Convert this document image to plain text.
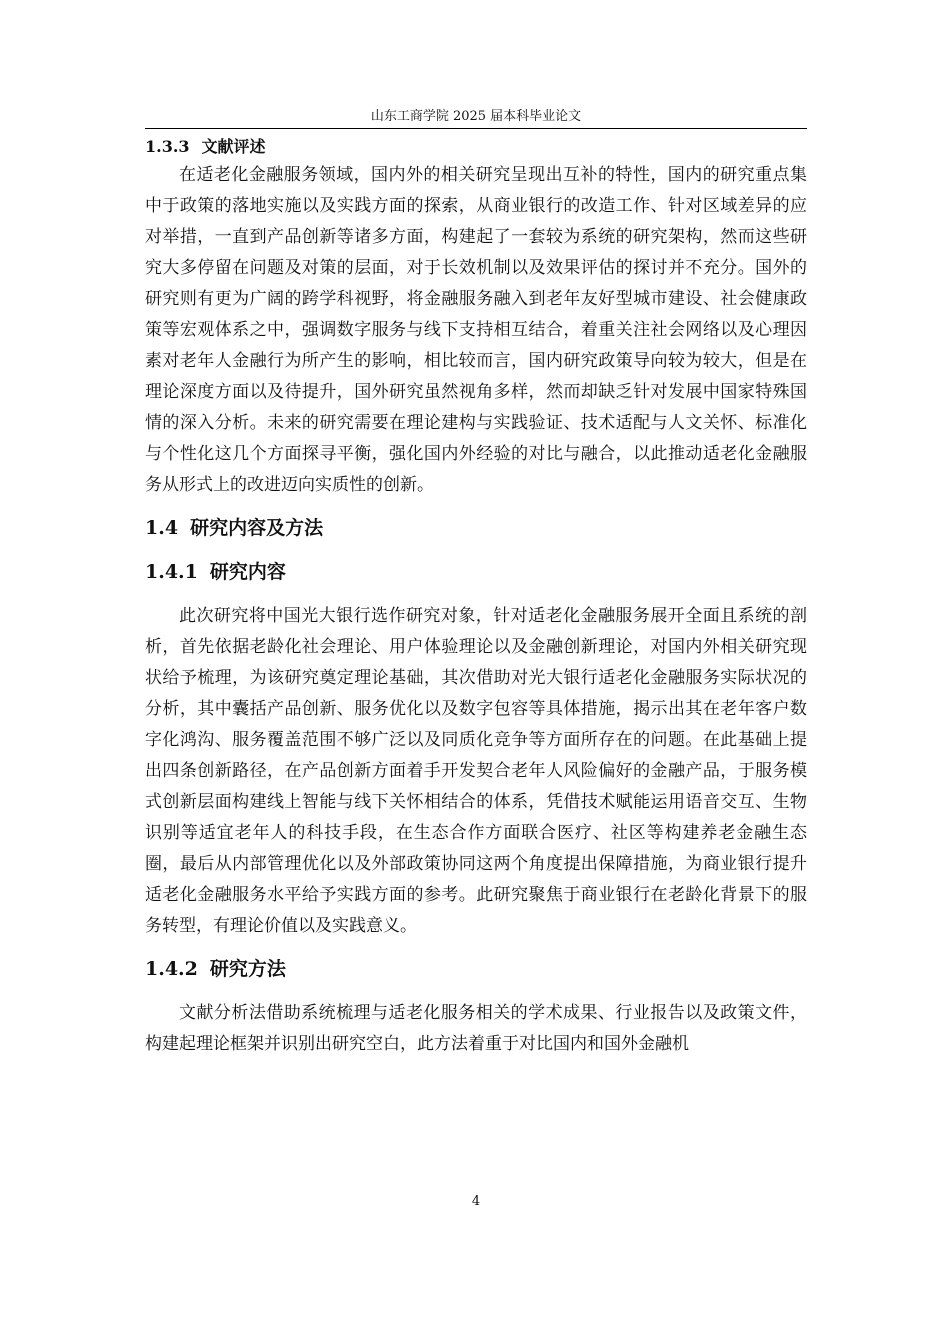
山东工商学院 2025 届本科毕业论文
1.3.3 文献评述

在适老化金融服务领域，国内外的相关研究呈现出互补的特性，国内的研究重点集中于政策的落地实施以及实践方面的探索，从商业银行的改造工作、针对区域差异的应对举措，一直到产品创新等诸多方面，构建起了一套较为系统的研究架构，然而这些研究大多停留在问题及对策的层面，对于长效机制以及效果评估的探讨并不充分。国外的研究则有更为广阔的跨学科视野，将金融服务融入到老年友好型城市建设、社会健康政策等宏观体系之中，强调数字服务与线下支持相互结合，着重关注社会网络以及心理因素对老年人金融行为所产生的影响，相比较而言，国内研究政策导向较为较大，但是在理论深度方面以及待提升，国外研究虽然视角多样，然而却缺乏针对发展中国家特殊国情的深入分析。未来的研究需要在理论建构与实践验证、技术适配与人文关怀、标准化与个性化这几个方面探寻平衡，强化国内外经验的对比与融合，以此推动适老化金融服务从形式上的改进迈向实质性的创新。

1.4 研究内容及方法
1.4.1 研究内容

此次研究将中国光大银行选作研究对象，针对适老化金融服务展开全面且系统的剖析，首先依据老龄化社会理论、用户体验理论以及金融创新理论，对国内外相关研究现状给予梳理，为该研究奠定理论基础，其次借助对光大银行适老化金融服务实际状况的分析，其中囊括产品创新、服务优化以及数字包容等具体措施，揭示出其在老年客户数字化鸿沟、服务覆盖范围不够广泛以及同质化竞争等方面所存在的问题。在此基础上提出四条创新路径，在产品创新方面着手开发契合老年人风险偏好的金融产品，于服务模式创新层面构建线上智能与线下关怀相结合的体系，凭借技术赋能运用语音交互、生物识别等适宜老年人的科技手段，在生态合作方面联合医疗、社区等构建养老金融生态圈，最后从内部管理优化以及外部政策协同这两个角度提出保障措施，为商业银行提升适老化金融服务水平给予实践方面的参考。此研究聚焦于商业银行在老龄化背景下的服务转型，有理论价值以及实践意义。

1.4.2 研究方法

文献分析法借助系统梳理与适老化服务相关的学术成果、行业报告以及政策文件，构建起理论框架并识别出研究空白，此方法着重于对比国内和国外金融机

4
